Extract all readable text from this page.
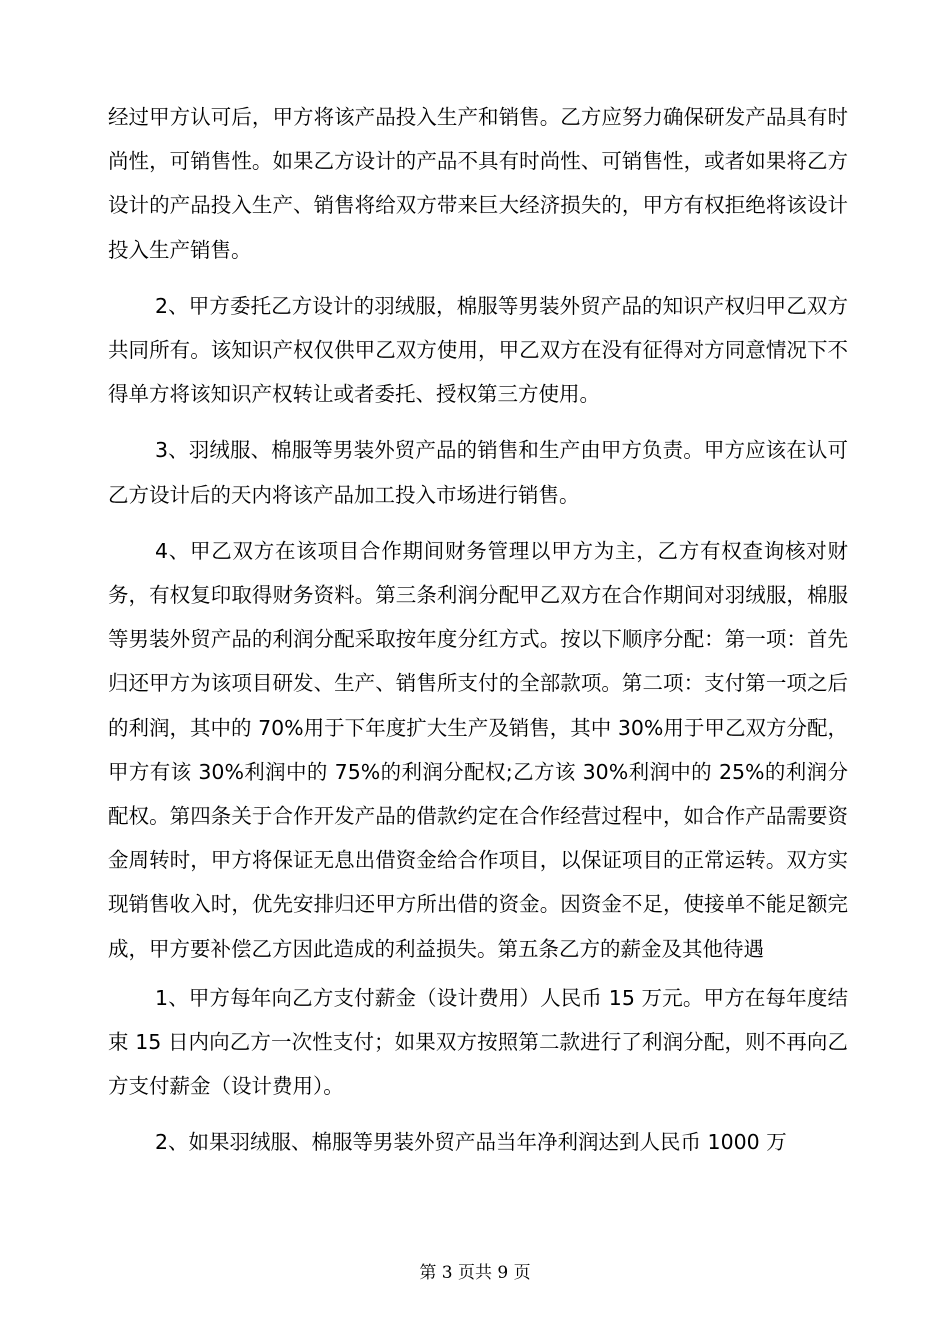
经过甲方认可后，甲方将该产品投入生产和销售。乙方应努力确保研发产品具有时尚性，可销售性。如果乙方设计的产品不具有时尚性、可销售性，或者如果将乙方设计的产品投入生产、销售将给双方带来巨大经济损失的，甲方有权拒绝将该设计投入生产销售。

2、甲方委托乙方设计的羽绒服，棉服等男装外贸产品的知识产权归甲乙双方共同所有。该知识产权仅供甲乙双方使用，甲乙双方在没有征得对方同意情况下不得单方将该知识产权转让或者委托、授权第三方使用。

3、羽绒服、棉服等男装外贸产品的销售和生产由甲方负责。甲方应该在认可乙方设计后的天内将该产品加工投入市场进行销售。

4、甲乙双方在该项目合作期间财务管理以甲方为主，乙方有权查询核对财务，有权复印取得财务资料。第三条利润分配甲乙双方在合作期间对羽绒服，棉服等男装外贸产品的利润分配采取按年度分红方式。按以下顺序分配：第一项：首先归还甲方为该项目研发、生产、销售所支付的全部款项。第二项：支付第一项之后的利润，其中的 70%用于下年度扩大生产及销售，其中 30%用于甲乙双方分配，甲方有该 30%利润中的 75%的利润分配权;乙方该 30%利润中的 25%的利润分配权。第四条关于合作开发产品的借款约定在合作经营过程中，如合作产品需要资金周转时，甲方将保证无息出借资金给合作项目，以保证项目的正常运转。双方实现销售收入时，优先安排归还甲方所出借的资金。因资金不足，使接单不能足额完成，甲方要补偿乙方因此造成的利益损失。第五条乙方的薪金及其他待遇

1、甲方每年向乙方支付薪金（设计费用）人民币 15 万元。甲方在每年度结束 15 日内向乙方一次性支付；如果双方按照第二款进行了利润分配，则不再向乙方支付薪金（设计费用）。

2、如果羽绒服、棉服等男装外贸产品当年净利润达到人民币 1000 万

第 3 页共 9 页
